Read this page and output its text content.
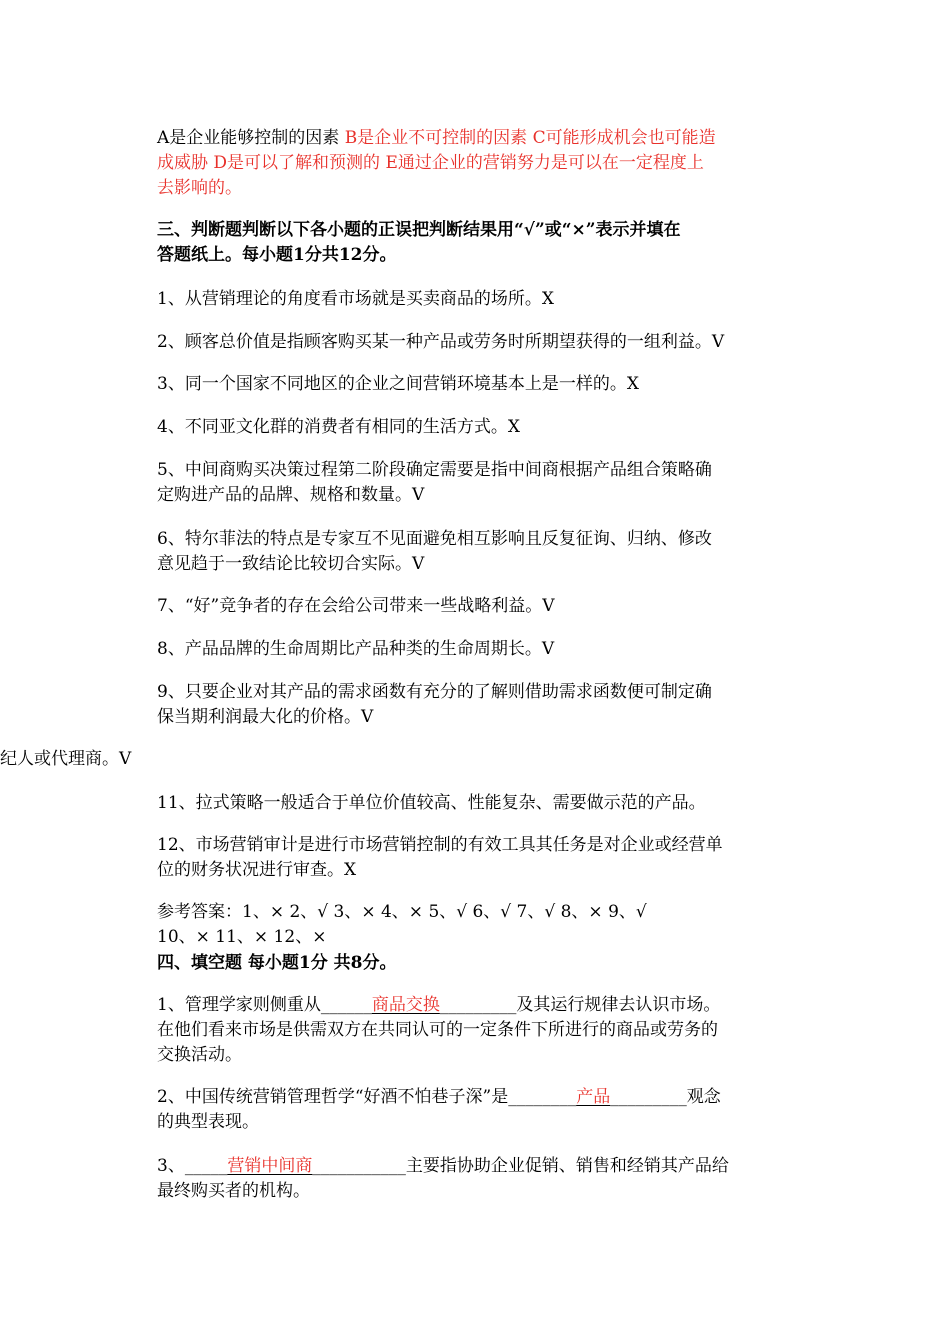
A是企业能够控制的因素 B是企业不可控制的因素 C可能形成机会也可能造
成威胁 D是可以了解和预测的 E通过企业的营销努力是可以在一定程度上
去影响的。
三、判断题判断以下各小题的正误把判断结果用“√”或“×”表示并填在
答题纸上。每小题1分共12分。
1、从营销理论的角度看市场就是买卖商品的场所。X
2、顾客总价值是指顾客购买某一种产品或劳务时所期望获得的一组利益。V
3、同一个国家不同地区的企业之间营销环境基本上是一样的。X
4、不同亚文化群的消费者有相同的生活方式。X
5、中间商购买决策过程第二阶段确定需要是指中间商根据产品组合策略确
定购进产品的品牌、规格和数量。V
6、特尔菲法的特点是专家互不见面避免相互影响且反复征询、归纳、修改
意见趋于一致结论比较切合实际。V
7、“好”竞争者的存在会给公司带来一些战略利益。V
8、产品品牌的生命周期比产品种类的生命周期长。V
9、只要企业对其产品的需求函数有充分的了解则借助需求函数便可制定确
保当期利润最大化的价格。V
纪人或代理商。V
11、拉式策略一般适合于单位价值较高、性能复杂、需要做示范的产品。
12、市场营销审计是进行市场营销控制的有效工具其任务是对企业或经营单
位的财务状况进行审查。X
参考答案：1、× 2、√ 3、× 4、× 5、√ 6、√ 7、√ 8、× 9、√
10、× 11、× 12、×
四、填空题 每小题1分 共8分。
1、管理学家则侧重从______商品交换_________及其运行规律去认识市场。
在他们看来市场是供需双方在共同认可的一定条件下所进行的商品或劳务的
交换活动。
2、中国传统营销管理哲学“好酒不怕巷子深”是________产品_________观念
的典型表现。
3、_____营销中间商___________主要指协助企业促销、销售和经销其产品给
最终购买者的机构。
